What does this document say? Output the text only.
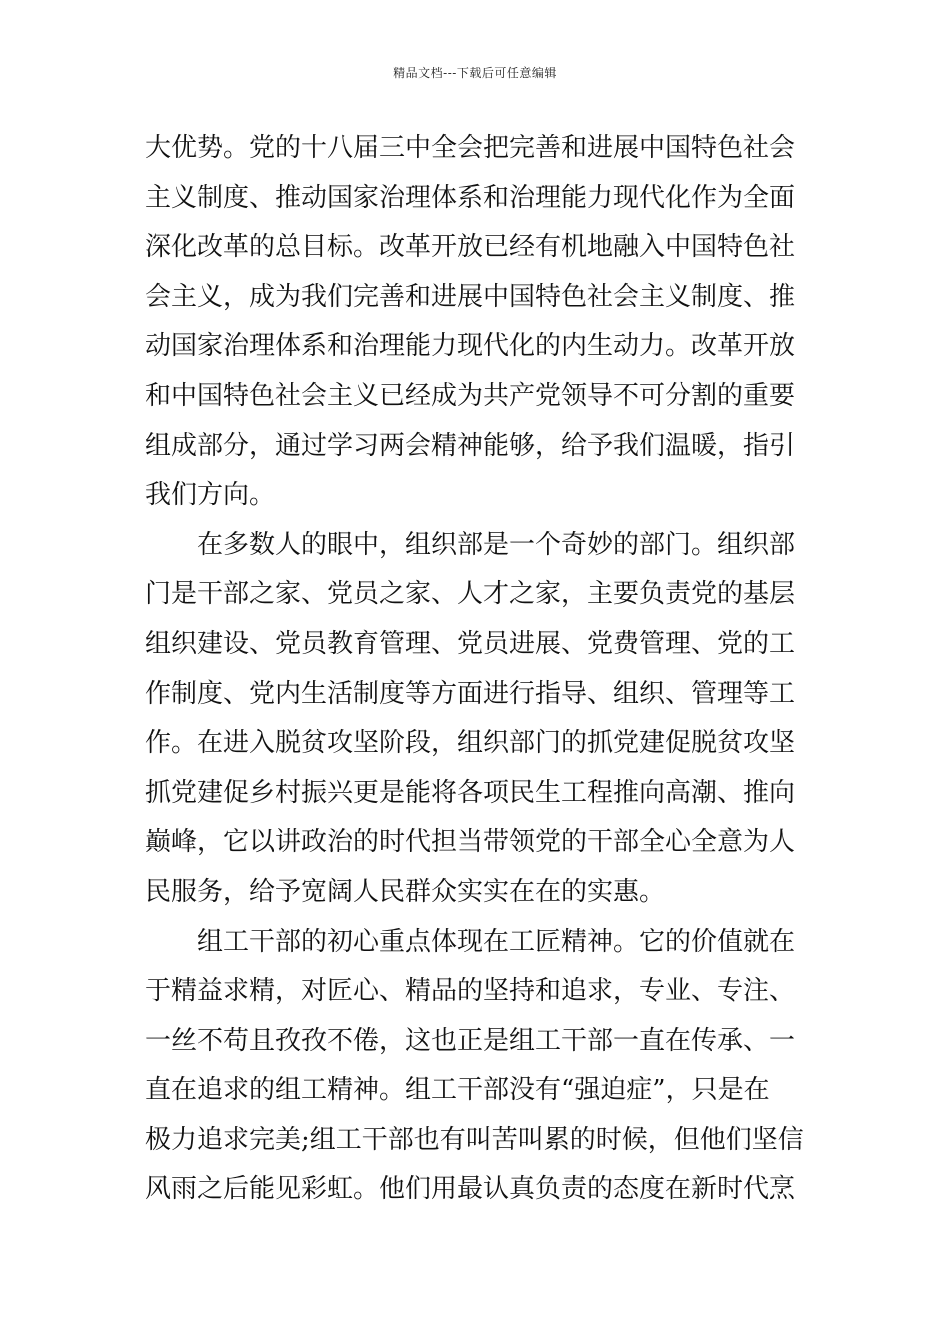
精品文档---下载后可任意编辑
大优势。党的十八届三中全会把完善和进展中国特色社会
主义制度、推动国家治理体系和治理能力现代化作为全面
深化改革的总目标。改革开放已经有机地融入中国特色社
会主义，成为我们完善和进展中国特色社会主义制度、推
动国家治理体系和治理能力现代化的内生动力。改革开放
和中国特色社会主义已经成为共产党领导不可分割的重要
组成部分，通过学习两会精神能够，给予我们温暖，指引
我们方向。
在多数人的眼中，组织部是一个奇妙的部门。组织部
门是干部之家、党员之家、人才之家，主要负责党的基层
组织建设、党员教育管理、党员进展、党费管理、党的工
作制度、党内生活制度等方面进行指导、组织、管理等工
作。在进入脱贫攻坚阶段，组织部门的抓党建促脱贫攻坚
抓党建促乡村振兴更是能将各项民生工程推向高潮、推向
巅峰，它以讲政治的时代担当带领党的干部全心全意为人
民服务，给予宽阔人民群众实实在在的实惠。
组工干部的初心重点体现在工匠精神。它的价值就在
于精益求精，对匠心、精品的坚持和追求，专业、专注、
一丝不苟且孜孜不倦，这也正是组工干部一直在传承、一
直在追求的组工精神。组工干部没有“强迫症”，只是在
极力追求完美;组工干部也有叫苦叫累的时候，但他们坚信
风雨之后能见彩虹。他们用最认真负责的态度在新时代烹
